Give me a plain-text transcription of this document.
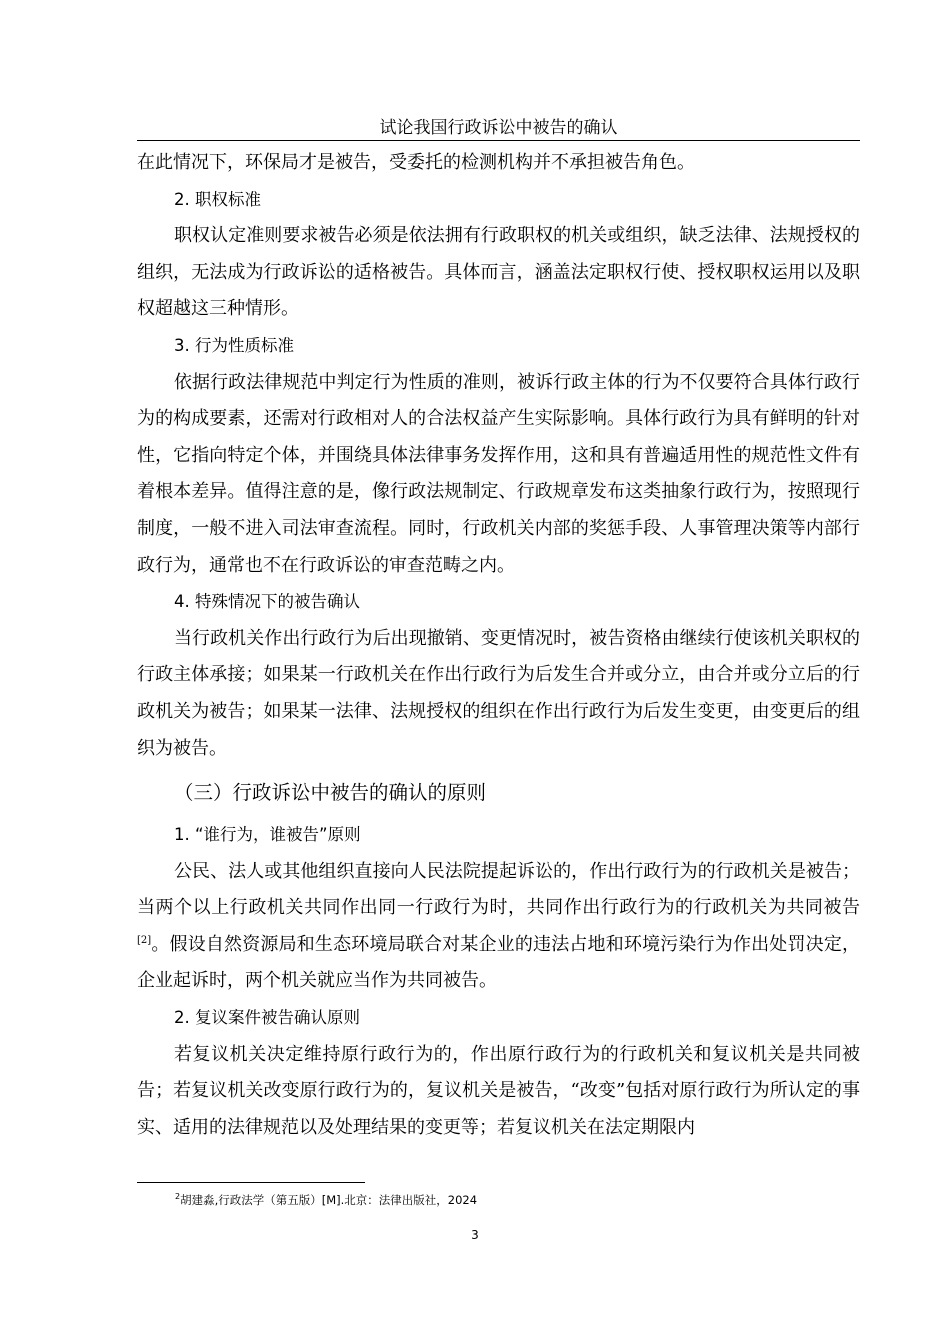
试论我国行政诉讼中被告的确认

在此情况下，环保局才是被告，受委托的检测机构并不承担被告角色。

2. 职权标准

职权认定准则要求被告必须是依法拥有行政职权的机关或组织，缺乏法律、法规授权的组织，无法成为行政诉讼的适格被告。具体而言，涵盖法定职权行使、授权职权运用以及职权超越这三种情形。

3. 行为性质标准

依据行政法律规范中判定行为性质的准则，被诉行政主体的行为不仅要符合具体行政行为的构成要素，还需对行政相对人的合法权益产生实际影响。具体行政行为具有鲜明的针对性，它指向特定个体，并围绕具体法律事务发挥作用，这和具有普遍适用性的规范性文件有着根本差异。值得注意的是，像行政法规制定、行政规章发布这类抽象行政行为，按照现行制度，一般不进入司法审查流程。同时，行政机关内部的奖惩手段、人事管理决策等内部行政行为，通常也不在行政诉讼的审查范畴之内。

4. 特殊情况下的被告确认

当行政机关作出行政行为后出现撤销、变更情况时，被告资格由继续行使该机关职权的行政主体承接；如果某一行政机关在作出行政行为后发生合并或分立，由合并或分立后的行政机关为被告；如果某一法律、法规授权的组织在作出行政行为后发生变更，由变更后的组织为被告。

（三）行政诉讼中被告的确认的原则

1. “谁行为，谁被告”原则

公民、法人或其他组织直接向人民法院提起诉讼的，作出行政行为的行政机关是被告；当两个以上行政机关共同作出同一行政行为时，共同作出行政行为的行政机关为共同被告[2]。假设自然资源局和生态环境局联合对某企业的违法占地和环境污染行为作出处罚决定，企业起诉时，两个机关就应当作为共同被告。

2. 复议案件被告确认原则

若复议机关决定维持原行政行为的，作出原行政行为的行政机关和复议机关是共同被告；若复议机关改变原行政行为的，复议机关是被告，“改变”包括对原行政行为所认定的事实、适用的法律规范以及处理结果的变更等；若复议机关在法定期限内

$^2$胡建淼,行政法学（第五版）[M].北京：法律出版社，2024
3
